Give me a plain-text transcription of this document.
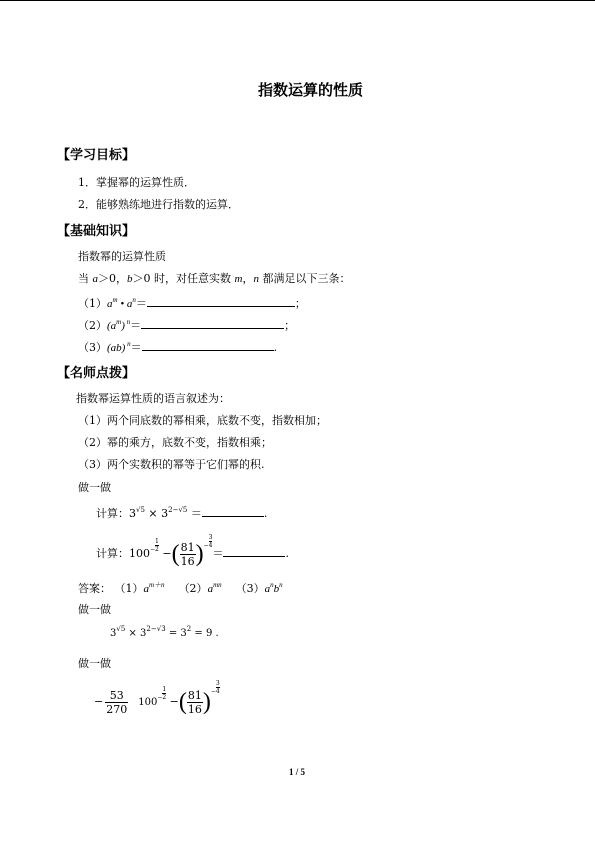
指数运算的性质
【学习目标】
1．掌握幂的运算性质．
2．能够熟练地进行指数的运算．
【基础知识】
指数幂的运算性质
当 a＞0，b＞0 时，对任意实数 m，n 都满足以下三条：
$(1)a^m$ • $a^n=$	；
$(2)(a^m)$ $^n$＝	；
（3）(ab) $^n$＝	.
【名师点拨】
指数幂运算性质的语言叙述为：
（1）两个同底数的幂相乘，底数不变，指数相加；
（2）幂的乘方，底数不变，指数相乘；
（3）两个实数积的幂等于它们幂的积.
做一做
计算：$3^{√5} \times 3^{2-√5}$ ＝	.
计算：$100 - \frac{1}{2}$
−( $\frac{81}{16}$ ) − $\frac{3}{4}$
＝	.
答案： $(1)a^{m+n}$ $(2)a^{mn}$ $(3)a^nb^n$
做一做
$3^{√5} \times 3^{2-√3} = 3^2 = 9$ .
做一做
− $\frac{53}{270} 100 - \frac{1}{2}$
−( $\frac{81}{16}$ ) − $\frac{3}{4}$
1 / 5
